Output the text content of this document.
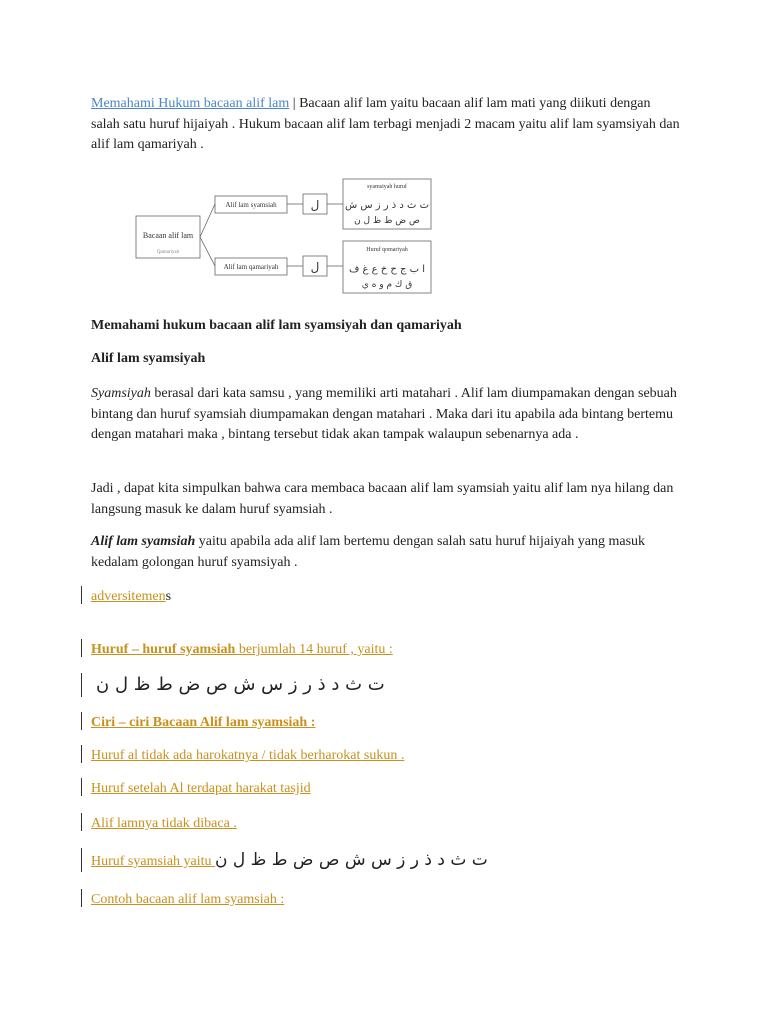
Memahami Hukum bacaan alif lam | Bacaan alif lam yaitu bacaan alif lam mati yang diikuti dengan salah satu huruf hijaiyah . Hukum bacaan alif lam terbagi menjadi 2 macam yaitu alif lam syamsiyah dan alif lam qamariyah .

Bacaan alif lam
Qamariyah
Alif lam syamsiah
Alif lam qamariyah
ل
ل
syamsiyah huruf
ت ث د ذ ر ز س ش
ص ض ط ظ ل ن
Huruf qomariyah
ا ب ج ح خ ع غ ف
ق ك م و ه ي
Memahami hukum bacaan alif lam syamsiyah dan qamariyah
Alif lam syamsiyah

Syamsiyah berasal dari kata samsu , yang memiliki arti matahari . Alif lam diumpamakan dengan sebuah bintang dan huruf syamsiah diumpamakan dengan matahari . Maka dari itu apabila ada bintang bertemu dengan matahari maka , bintang tersebut tidak akan tampak walaupun sebenarnya ada .

Jadi , dapat kita simpulkan bahwa cara membaca bacaan alif lam syamsiah yaitu alif lam nya hilang dan langsung masuk ke dalam huruf syamsiah .

Alif lam syamsiah yaitu apabila ada alif lam bertemu dengan salah satu huruf hijaiyah yang masuk kedalam golongan huruf syamsiyah .

adversitemens

Huruf – huruf syamsiah berjumlah 14 huruf , yaitu :

ت ث د ذ ر ز س ش ص ض ط ظ ل ن

Ciri – ciri Bacaan Alif lam syamsiah :

Huruf al tidak ada harokatnya / tidak berharokat sukun .

Huruf setelah Al terdapat harakat tasjid

Alif lamnya tidak dibaca .

Huruf syamsiah yaitu ت ث د ذ ر ز س ش ص ض ط ظ ل ن

Contoh bacaan alif lam syamsiah :
